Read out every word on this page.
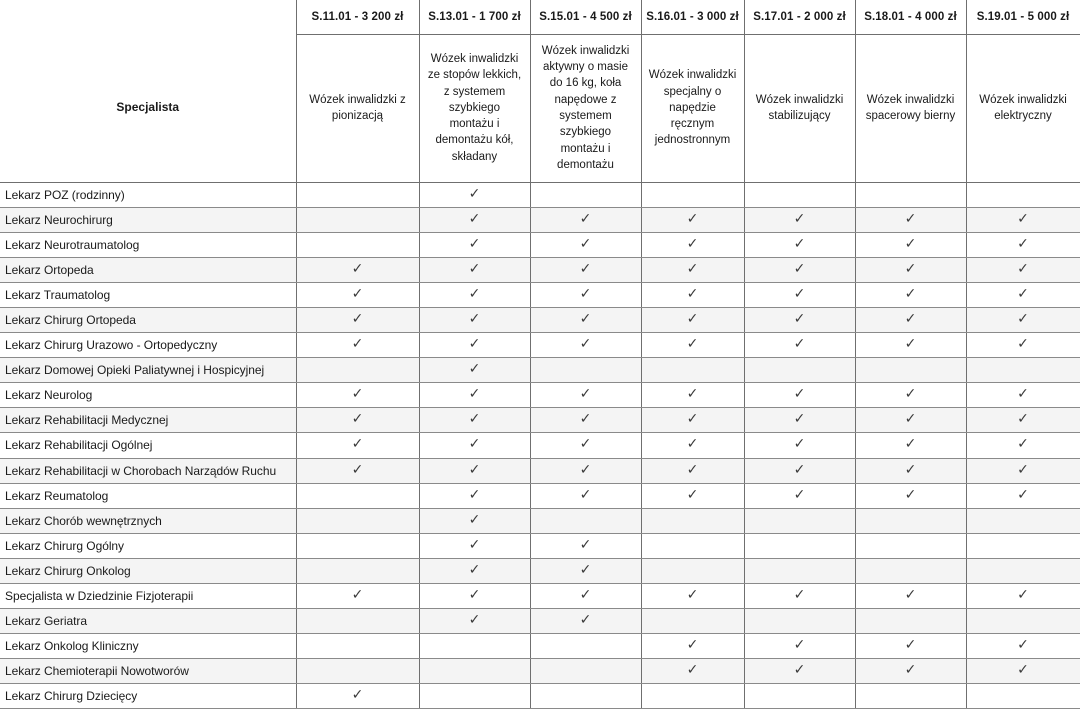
	S.11.01 - 3 200 zł	S.13.01 - 1 700 zł	S.15.01 - 4 500 zł	S.16.01 - 3 000 zł	S.17.01 - 2 000 zł	S.18.01 - 4 000 zł	S.19.01 - 5 000 zł

Specjalista	Wózek inwalidzki z pionizacją	Wózek inwalidzki ze stopów lekkich, z systemem szybkiego montażu i demontażu kół, składany	Wózek inwalidzki aktywny o masie do 16 kg, koła napędowe z systemem szybkiego montażu i demontażu	Wózek inwalidzki specjalny o napędzie ręcznym jednostronnym	Wózek inwalidzki stabilizujący	Wózek inwalidzki spacerowy bierny	Wózek inwalidzki elektryczny
Lekarz POZ (rodzinny)		✓					
Lekarz Neurochirurg		✓	✓	✓	✓	✓	✓
Lekarz Neurotraumatolog		✓	✓	✓	✓	✓	✓
Lekarz Ortopeda	✓	✓	✓	✓	✓	✓	✓
Lekarz Traumatolog	✓	✓	✓	✓	✓	✓	✓
Lekarz Chirurg Ortopeda	✓	✓	✓	✓	✓	✓	✓
Lekarz Chirurg Urazowo - Ortopedyczny	✓	✓	✓	✓	✓	✓	✓
Lekarz Domowej Opieki Paliatywnej i Hospicyjnej		✓					
Lekarz Neurolog	✓	✓	✓	✓	✓	✓	✓
Lekarz Rehabilitacji Medycznej	✓	✓	✓	✓	✓	✓	✓
Lekarz Rehabilitacji Ogólnej	✓	✓	✓	✓	✓	✓	✓
Lekarz Rehabilitacji w Chorobach Narządów Ruchu	✓	✓	✓	✓	✓	✓	✓
Lekarz Reumatolog		✓	✓	✓	✓	✓	✓
Lekarz Chorób wewnętrznych		✓					
Lekarz Chirurg Ogólny		✓	✓				
Lekarz Chirurg Onkolog		✓	✓				
Specjalista w Dziedzinie Fizjoterapii	✓	✓	✓	✓	✓	✓	✓
Lekarz Geriatra		✓	✓				
Lekarz Onkolog Kliniczny				✓	✓	✓	✓
Lekarz Chemioterapii Nowotworów				✓	✓	✓	✓
Lekarz Chirurg Dziecięcy	✓						
